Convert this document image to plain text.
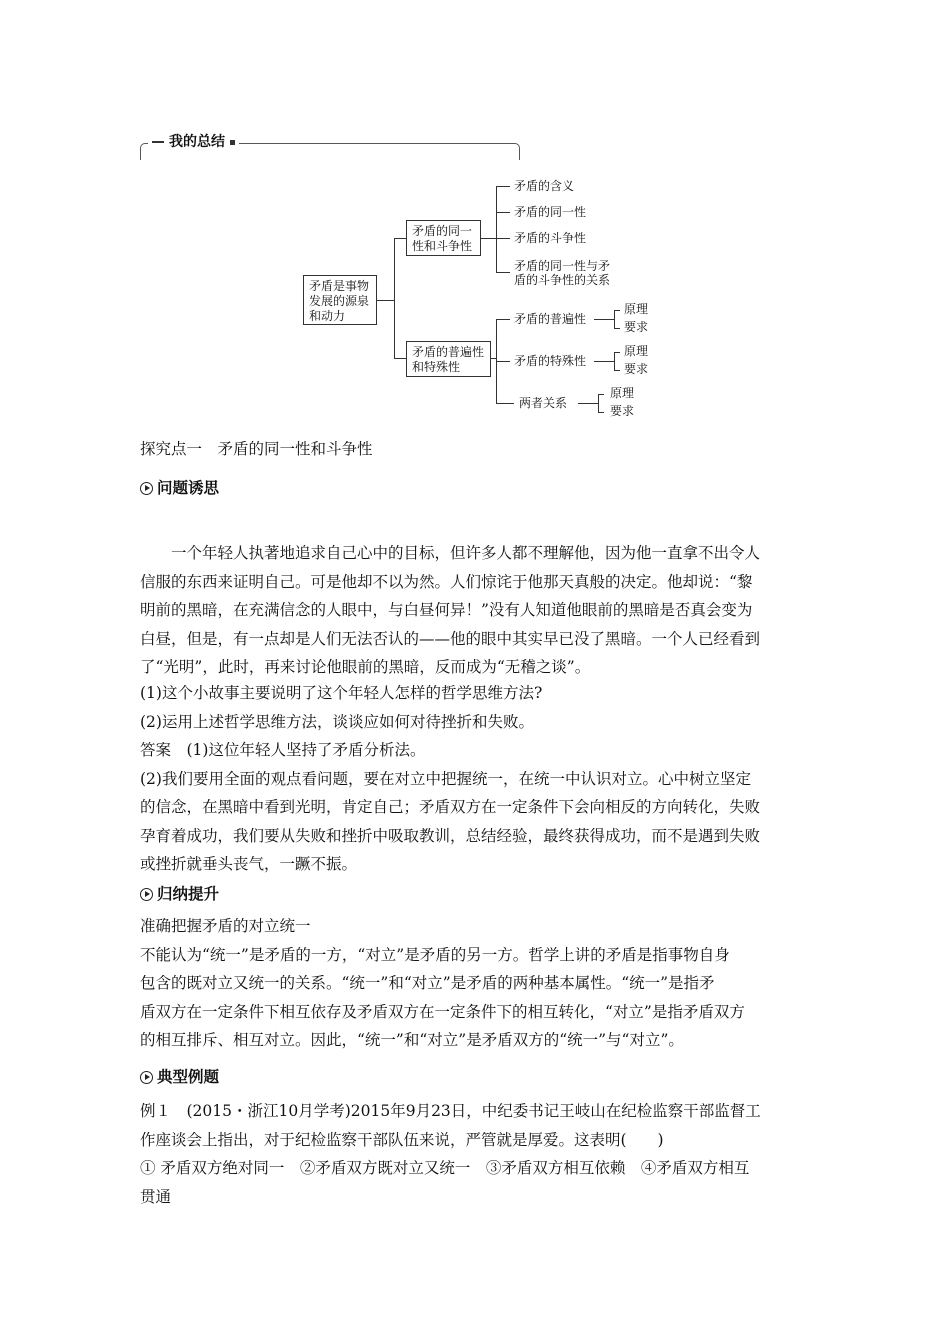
我的总结
矛盾是事物
发展的源泉
和动力
矛盾的同一
性和斗争性
矛盾的含义
矛盾的同一性
矛盾的斗争性
矛盾的同一性与矛
盾的斗争性的关系
矛盾的普遍性
和特殊性
矛盾的普遍性
矛盾的特殊性
两者关系
原理
要求
原理
要求
原理
要求
探究点一　矛盾的同一性和斗争性
问题诱思
一个年轻人执著地追求自己心中的目标，但许多人都不理解他，因为他一直拿不出令人
信服的东西来证明自己。可是他却不以为然。人们惊诧于他那天真般的决定。他却说：“黎
明前的黑暗，在充满信念的人眼中，与白昼何异！”没有人知道他眼前的黑暗是否真会变为
白昼，但是，有一点却是人们无法否认的——他的眼中其实早已没了黑暗。一个人已经看到
了“光明”，此时，再来讨论他眼前的黑暗，反而成为“无稽之谈”。
(1)这个小故事主要说明了这个年轻人怎样的哲学思维方法?
(2)运用上述哲学思维方法，谈谈应如何对待挫折和失败。
答案　(1)这位年轻人坚持了矛盾分析法。
(2)我们要用全面的观点看问题，要在对立中把握统一，在统一中认识对立。心中树立坚定
的信念，在黑暗中看到光明，肯定自己；矛盾双方在一定条件下会向相反的方向转化，失败
孕育着成功，我们要从失败和挫折中吸取教训，总结经验，最终获得成功，而不是遇到失败
或挫折就垂头丧气，一蹶不振。
归纳提升
准确把握矛盾的对立统一
不能认为“统一”是矛盾的一方，“对立”是矛盾的另一方。哲学上讲的矛盾是指事物自身
包含的既对立又统一的关系。“统一”和“对立”是矛盾的两种基本属性。“统一”是指矛
盾双方在一定条件下相互依存及矛盾双方在一定条件下的相互转化，“对立”是指矛盾双方
的相互排斥、相互对立。因此，“统一”和“对立”是矛盾双方的“统一”与“对立”。
典型例题
例１　(2015・浙江10月学考)2015年9月23日，中纪委书记王岐山在纪检监察干部监督工
作座谈会上指出，对于纪检监察干部队伍来说，严管就是厚爱。这表明(　　)
① 矛盾双方绝对同一　②矛盾双方既对立又统一　③矛盾双方相互依赖　④矛盾双方相互
贯通
